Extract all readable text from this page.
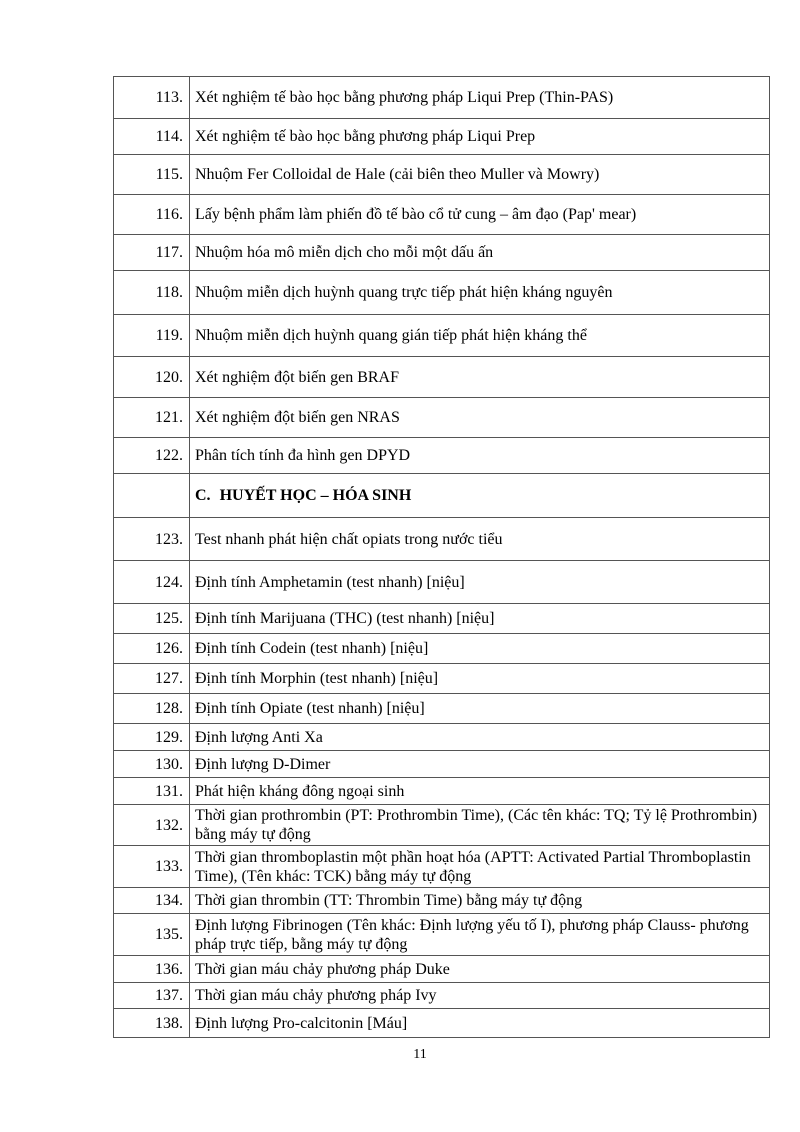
113.	Xét nghiệm tế bào học bằng phương pháp Liqui Prep (Thin-PAS)
114.	Xét nghiệm tế bào học bằng phương pháp Liqui Prep
115.	Nhuộm Fer Colloidal de Hale (cải biên theo Muller và Mowry)
116.	Lấy bệnh phẩm làm phiến đồ tế bào cổ tử cung – âm đạo (Pap' mear)
117.	Nhuộm hóa mô miễn dịch cho mỗi một dấu ấn
118.	Nhuộm miễn dịch huỳnh quang trực tiếp phát hiện kháng nguyên
119.	Nhuộm miễn dịch huỳnh quang gián tiếp phát hiện kháng thể
120.	Xét nghiệm đột biến gen BRAF
121.	Xét nghiệm đột biến gen NRAS
122.	Phân tích tính đa hình gen DPYD
	C. HUYẾT HỌC – HÓA SINH
123.	Test nhanh phát hiện chất opiats trong nước tiểu
124.	Định tính Amphetamin (test nhanh) [niệu]
125.	Định tính Marijuana (THC) (test nhanh) [niệu]
126.	Định tính Codein (test nhanh) [niệu]
127.	Định tính Morphin (test nhanh) [niệu]
128.	Định tính Opiate (test nhanh) [niệu]
129.	Định lượng Anti Xa
130.	Định lượng D-Dimer
131.	Phát hiện kháng đông ngoại sinh
132.	Thời gian prothrombin (PT: Prothrombin Time), (Các tên khác: TQ; Tỷ lệ Prothrombin) bằng máy tự động
133.	Thời gian thromboplastin một phần hoạt hóa (APTT: Activated Partial Thromboplastin Time), (Tên khác: TCK) bằng máy tự động
134.	Thời gian thrombin (TT: Thrombin Time) bằng máy tự động
135.	Định lượng Fibrinogen (Tên khác: Định lượng yếu tố I), phương pháp Clauss- phương pháp trực tiếp, bằng máy tự động
136.	Thời gian máu chảy phương pháp Duke
137.	Thời gian máu chảy phương pháp Ivy
138.	Định lượng Pro-calcitonin [Máu]
11
